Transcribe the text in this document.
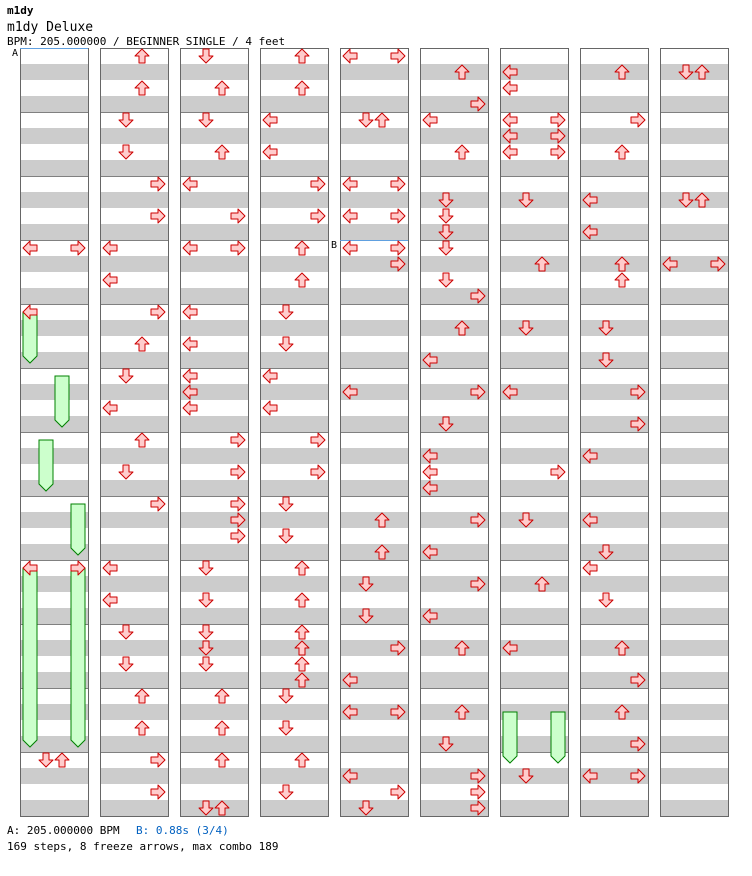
m1dy
m1dy Deluxe
BPM: 205.000000 / BEGINNER SINGLE / 4 feet
A
B
A: 205.000000 BPM B: 0.88s (3/4)
169 steps, 8 freeze arrows, max combo 189
